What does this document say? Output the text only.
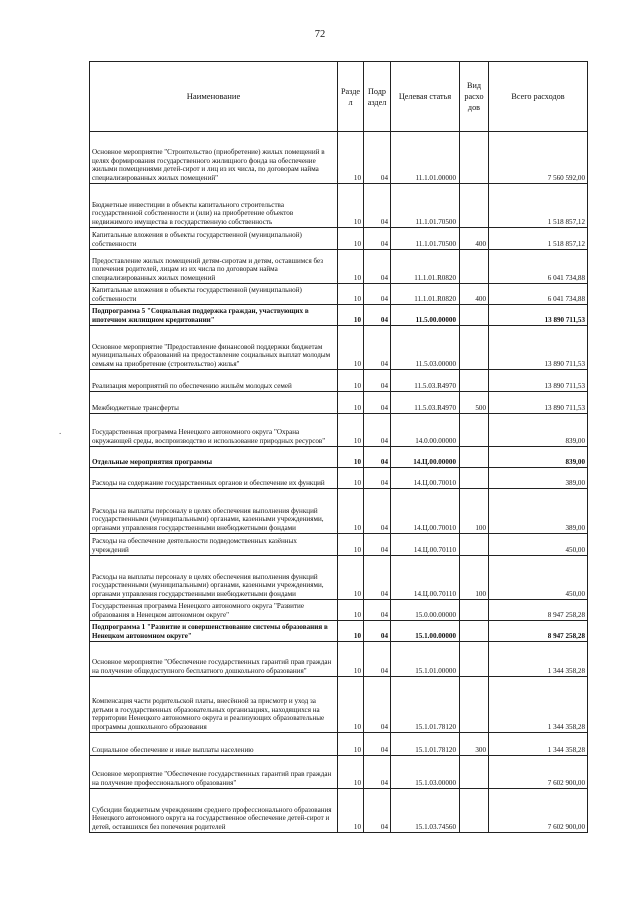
72
.
Наименование	Разде л	Подр аздел	Целевая статья	Вид расхо дов	Всего расходов
Основное мероприятие "Строительство (приобретение) жилых помещений в целях формирования государственного жилищного фонда на обеспечение жилыми помещениями детей-сирот и лиц из их числа, по договорам найма специализированных жилых помещений"	10	04	11.1.01.00000		7 560 592,00
Бюджетные инвестиции в объекты капитального строительства государственной собственности и (или) на приобретение объектов недвижимого имущества в государственную собственность	10	04	11.1.01.70500		1 518 857,12
Капитальные вложения в объекты государственной (муниципальной) собственности	10	04	11.1.01.70500	400	1 518 857,12
Предоставление жилых помещений детям-сиротам и детям, оставшимся без попечения родителей, лицам из их числа по договорам найма специализированных жилых помещений	10	04	11.1.01.R0820		6 041 734,88
Капитальные вложения в объекты государственной (муниципальной) собственности	10	04	11.1.01.R0820	400	6 041 734,88
Подпрограмма 5 "Социальная поддержка граждан, участвующих в ипотечном жилищном кредитовании"	10	04	11.5.00.00000		13 890 711,53
Основное мероприятие "Предоставление финансовой поддержки бюджетам муниципальных образований на предоставление социальных выплат молодым семьям на приобретение (строительство) жилья"	10	04	11.5.03.00000		13 890 711,53
Реализация мероприятий по обеспечению жильём молодых семей	10	04	11.5.03.R4970		13 890 711,53
Межбюджетные трансферты	10	04	11.5.03.R4970	500	13 890 711,53
Государственная программа Ненецкого автономного округа "Охрана окружающей среды, воспроизводство и использование природных ресурсов"	10	04	14.0.00.00000		839,00
Отдельные мероприятия программы	10	04	14.Ц.00.00000		839,00
Расходы на содержание государственных органов и обеспечение их функций	10	04	14.Ц.00.70010		389,00
Расходы на выплаты персоналу в целях обеспечения выполнения функций государственными (муниципальными) органами, казенными учреждениями, органами управления государственными внебюджетными фондами	10	04	14.Ц.00.70010	100	389,00
Расходы на обеспечение деятельности подведомственных казённых учреждений	10	04	14.Ц.00.70110		450,00
Расходы на выплаты персоналу в целях обеспечения выполнения функций государственными (муниципальными) органами, казенными учреждениями, органами управления государственными внебюджетными фондами	10	04	14.Ц.00.70110	100	450,00
Государственная программа Ненецкого автономного округа "Развитие образования в Ненецком автономном округе"	10	04	15.0.00.00000		8 947 258,28
Подпрограмма 1 "Развитие и совершенствование системы образования в Ненецком автономном округе"	10	04	15.1.00.00000		8 947 258,28
Основное мероприятие "Обеспечение государственных гарантий прав граждан на получение общедоступного бесплатного дошкольного образования"	10	04	15.1.01.00000		1 344 358,28
Компенсация части родительской платы, внесённой за присмотр и уход за детьми в государственных образовательных организациях, находящихся на территории Ненецкого автономного округа и реализующих образовательные программы дошкольного образования	10	04	15.1.01.78120		1 344 358,28
Социальное обеспечение и иные выплаты населению	10	04	15.1.01.78120	300	1 344 358,28
Основное мероприятие "Обеспечение государственных гарантий прав граждан на получение профессионального образования"	10	04	15.1.03.00000		7 602 900,00
Субсидии бюджетным учреждениям среднего профессионального образования Ненецкого автономного округа на государственное обеспечение детей-сирот и детей, оставшихся без попечения родителей	10	04	15.1.03.74560		7 602 900,00
